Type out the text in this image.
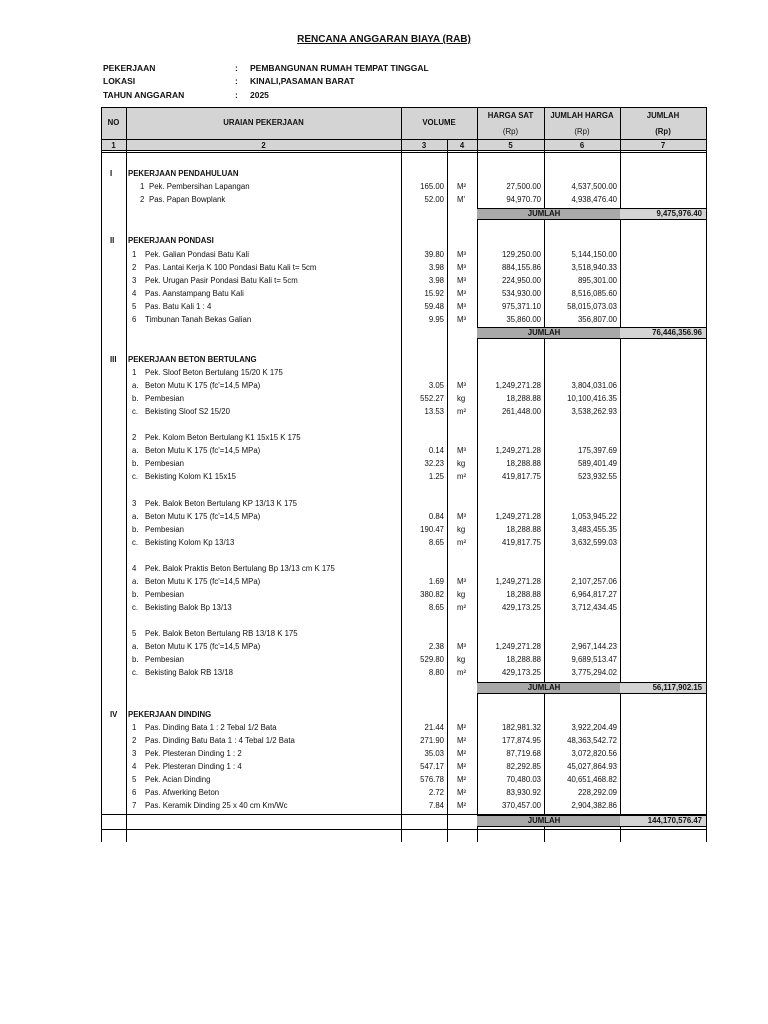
RENCANA ANGGARAN BIAYA (RAB)
PEKERJAAN	: PEMBANGUNAN RUMAH TEMPAT TINGGAL
LOKASI	: KINALI,PASAMAN BARAT
TAHUN ANGGARAN	: 2025
NO	URAIAN PEKERJAAN	VOLUME
HARGA SAT
(Rp)
JUMLAH HARGA
(Rp)
JUMLAH
(Rp)
1	2	3	4	5	6	7
I PEKERJAAN PENDAHULUAN
1 Pek. Pembersihan Lapangan	165.00 M²	27,500.00	4,537,500.00
2 Pas. Papan Bowplank	52.00 M'	94,970.70	4,938,476.40
JUMLAH	9,475,976.40
II PEKERJAAN PONDASI
1	Pek. Galian Pondasi Batu Kali	39.80 M³	129,250.00	5,144,150.00
2	Pas. Lantai Kerja K 100 Pondasi Batu Kali t= 5cm	3.98 M³	884,155.86	3,518,940.33
3	Pek. Urugan Pasir Pondasi Batu Kali t= 5cm	3.98 M³	224,950.00	895,301.00
4	Pas. Aanstampang Batu Kali	15.92 M³	534,930.00	8,516,085.60
5	Pas. Batu Kali 1 : 4	59.48 M³	975,371.10	58,015,073.03
6	Timbunan Tanah Bekas Galian	9.95 M³	35,860.00	356,807.00
JUMLAH	76,446,356.96
III PEKERJAAN BETON BERTULANG
1	Pek. Sloof Beton Bertulang 15/20 K 175
a. Beton Mutu K 175 (fc'=14,5 MPa)	3.05 M³	1,249,271.28	3,804,031.06
b. Pembesian	552.27 kg	18,288.88	10,100,416.35
c. Bekisting Sloof S2 15/20	13.53 m²	261,448.00	3,538,262.93
2	Pek. Kolom Beton Bertulang K1 15x15 K 175
a. Beton Mutu K 175 (fc'=14,5 MPa)	0.14 M³	1,249,271.28	175,397.69
b. Pembesian	32.23 kg	18,288.88	589,401.49
c. Bekisting Kolom K1 15x15	1.25 m²	419,817.75	523,932.55
3	Pek. Balok Beton Bertulang KP 13/13 K 175
a. Beton Mutu K 175 (fc'=14,5 MPa)	0.84 M³	1,249,271.28	1,053,945.22
b. Pembesian	190.47 kg	18,288.88	3,483,455.35
c. Bekisting Kolom Kp 13/13	8.65 m²	419,817.75	3,632,599.03
4	Pek. Balok Praktis Beton Bertulang Bp 13/13 cm K 175
a. Beton Mutu K 175 (fc'=14,5 MPa)	1.69 M³	1,249,271.28	2,107,257.06
b. Pembesian	380.82 kg	18,288.88	6,964,817.27
c. Bekisting Balok Bp 13/13	8.65 m²	429,173.25	3,712,434.45
5	Pek. Balok Beton Bertulang RB 13/18 K 175
a. Beton Mutu K 175 (fc'=14,5 MPa)	2.38 M³	1,249,271.28	2,967,144.23
b. Pembesian	529.80 kg	18,288.88	9,689,513.47
c. Bekisting Balok RB 13/18	8.80 m²	429,173.25	3,775,294.02
JUMLAH	56,117,902.15
IV PEKERJAAN DINDING
1	Pas. Dinding Bata 1 : 2 Tebal 1/2 Bata	21.44 M²	182,981.32	3,922,204.49
2	Pas. Dinding Batu Bata 1 : 4 Tebal 1/2 Bata	271.90 M²	177,874.95	48,363,542.72
3	Pek. Plesteran Dinding 1 : 2	35.03 M²	87,719.68	3,072,820.56
4	Pek. Plesteran Dinding 1 : 4	547.17 M²	82,292.85	45,027,864.93
5	Pek. Acian Dinding	576.78 M²	70,480.03	40,651,468.82
6	Pas. Afwerking Beton	2.72 M²	83,930.92	228,292.09
7	Pas. Keramik Dinding 25 x 40 cm Km/Wc	7.84 M²	370,457.00	2,904,382.86
JUMLAH	144,170,576.47
